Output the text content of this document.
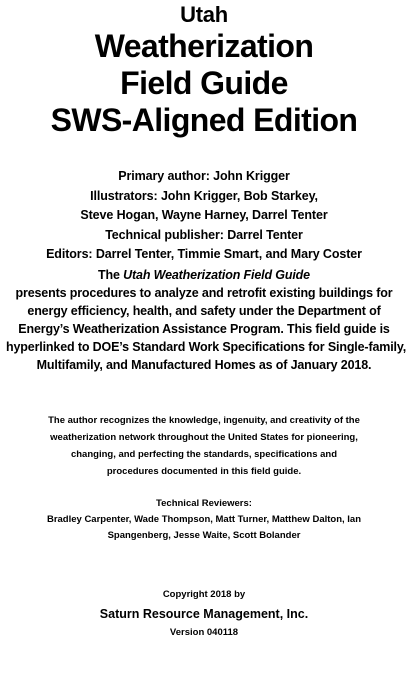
Utah
Weatherization
Field Guide
SWS-Aligned Edition
Primary author: John Krigger
Illustrators: John Krigger, Bob Starkey,
Steve Hogan, Wayne Harney, Darrel Tenter
Technical publisher: Darrel Tenter
Editors: Darrel Tenter, Timmie Smart, and Mary Coster
The Utah Weatherization Field Guide
presents procedures to analyze and retrofit existing buildings for
energy efficiency, health, and safety under the Department of
Energy’s Weatherization Assistance Program. This field guide is
hyperlinked to DOE’s Standard Work Specifications for Single-family,
Multifamily, and Manufactured Homes as of January 2018.
The author recognizes the knowledge, ingenuity, and creativity of the
weatherization network throughout the United States for pioneering,
changing, and perfecting the standards, specifications and
procedures documented in this field guide.
Technical Reviewers:
Bradley Carpenter, Wade Thompson, Matt Turner, Matthew Dalton, Ian
Spangenberg, Jesse Waite, Scott Bolander
Copyright 2018 by
Saturn Resource Management, Inc.
Version 040118
